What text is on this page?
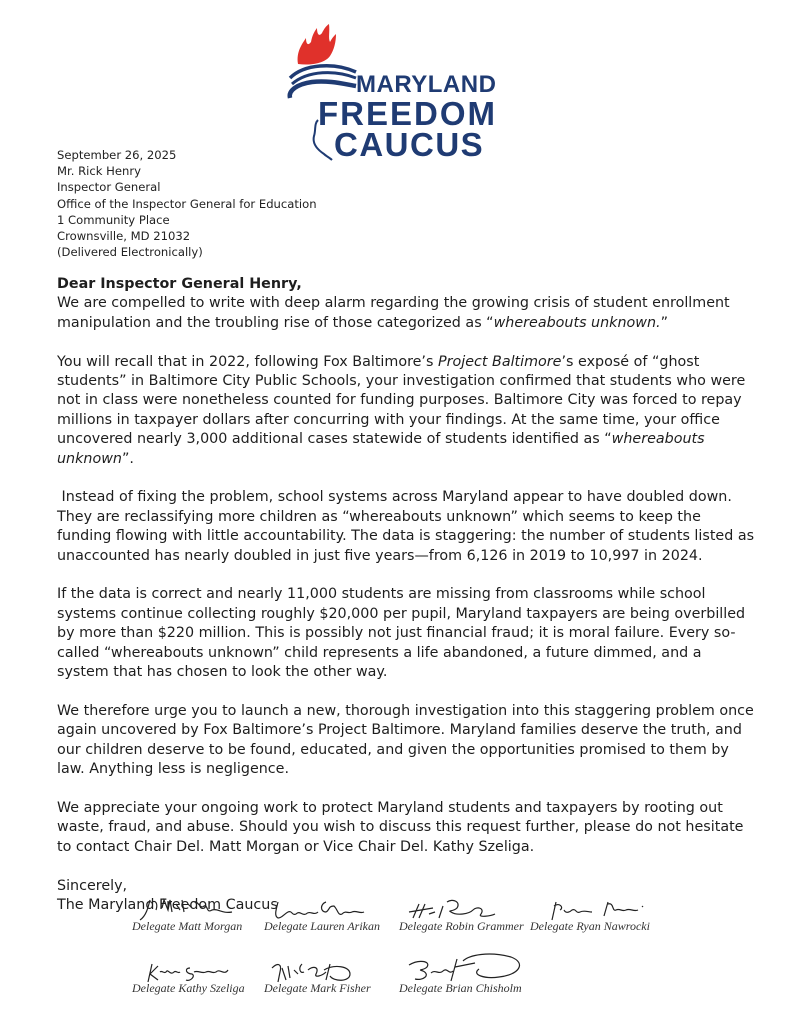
MARYLAND
FREEDOM
CAUCUS
September 26, 2025
Mr. Rick Henry
Inspector General
Office of the Inspector General for Education
1 Community Place
Crownsville, MD 21032
(Delivered Electronically)

Dear Inspector General Henry,

We are compelled to write with deep alarm regarding the growing crisis of student enrollment manipulation and the troubling rise of those categorized as “whereabouts unknown.”

You will recall that in 2022, following Fox Baltimore’s Project Baltimore’s exposé of “ghost students” in Baltimore City Public Schools, your investigation confirmed that students who were not in class were nonetheless counted for funding purposes. Baltimore City was forced to repay millions in taxpayer dollars after concurring with your findings. At the same time, your office uncovered nearly 3,000 additional cases statewide of students identified as “whereabouts unknown”.

Instead of fixing the problem, school systems across Maryland appear to have doubled down. They are reclassifying more children as “whereabouts unknown” which seems to keep the funding flowing with little accountability. The data is staggering: the number of students listed as unaccounted has nearly doubled in just five years—from 6,126 in 2019 to 10,997 in 2024.

If the data is correct and nearly 11,000 students are missing from classrooms while school systems continue collecting roughly $20,000 per pupil, Maryland taxpayers are being overbilled by more than $220 million. This is possibly not just financial fraud; it is moral failure. Every so-called “whereabouts unknown” child represents a life abandoned, a future dimmed, and a system that has chosen to look the other way.

We therefore urge you to launch a new, thorough investigation into this staggering problem once again uncovered by Fox Baltimore’s Project Baltimore. Maryland families deserve the truth, and our children deserve to be found, educated, and given the opportunities promised to them by law. Anything less is negligence.

We appreciate your ongoing work to protect Maryland students and taxpayers by rooting out waste, fraud, and abuse. Should you wish to discuss this request further, please do not hesitate to contact Chair Del. Matt Morgan or Vice Chair Del. Kathy Szeliga.

Sincerely,

The Maryland Freedom Caucus

Delegate Matt Morgan Delegate Lauren Arikan Delegate Robin Grammer Delegate Ryan Nawrocki
Delegate Kathy Szeliga Delegate Mark Fisher Delegate Brian Chisholm
